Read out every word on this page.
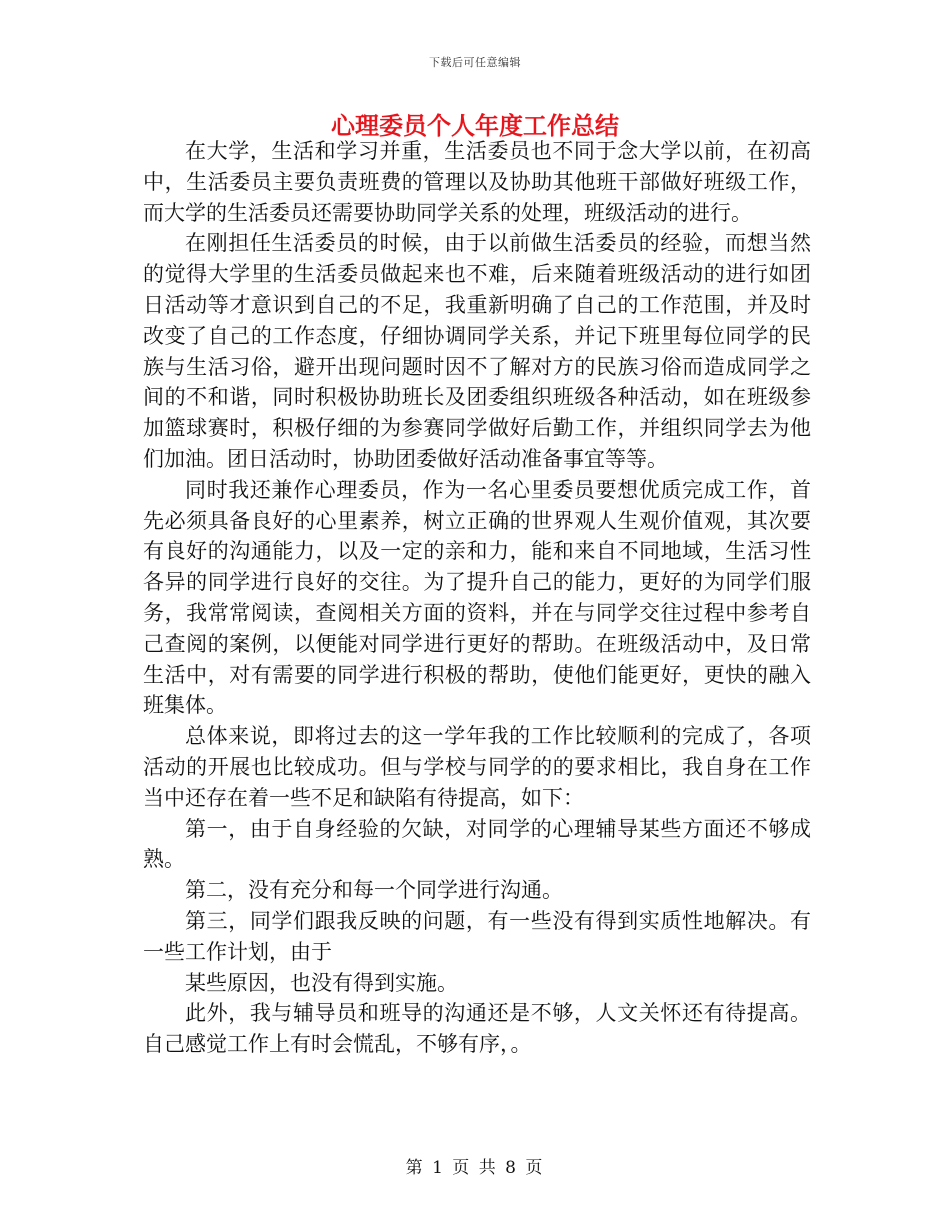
下载后可任意编辑
心理委员个人年度工作总结

在大学，生活和学习并重，生活委员也不同于念大学以前，在初高中，生活委员主要负责班费的管理以及协助其他班干部做好班级工作，而大学的生活委员还需要协助同学关系的处理，班级活动的进行。

在刚担任生活委员的时候，由于以前做生活委员的经验，而想当然的觉得大学里的生活委员做起来也不难，后来随着班级活动的进行如团日活动等才意识到自己的不足，我重新明确了自己的工作范围，并及时改变了自己的工作态度，仔细协调同学关系，并记下班里每位同学的民族与生活习俗，避开出现问题时因不了解对方的民族习俗而造成同学之间的不和谐，同时积极协助班长及团委组织班级各种活动，如在班级参加篮球赛时，积极仔细的为参赛同学做好后勤工作，并组织同学去为他们加油。团日活动时，协助团委做好活动准备事宜等等。

同时我还兼作心理委员，作为一名心里委员要想优质完成工作，首先必须具备良好的心里素养，树立正确的世界观人生观价值观，其次要有良好的沟通能力，以及一定的亲和力，能和来自不同地域，生活习性各异的同学进行良好的交往。为了提升自己的能力，更好的为同学们服务，我常常阅读，查阅相关方面的资料，并在与同学交往过程中参考自己查阅的案例，以便能对同学进行更好的帮助。在班级活动中，及日常生活中，对有需要的同学进行积极的帮助，使他们能更好，更快的融入班集体。

总体来说，即将过去的这一学年我的工作比较顺利的完成了，各项活动的开展也比较成功。但与学校与同学的的要求相比，我自身在工作当中还存在着一些不足和缺陷有待提高，如下：

第一，由于自身经验的欠缺，对同学的心理辅导某些方面还不够成熟。

第二，没有充分和每一个同学进行沟通。

第三，同学们跟我反映的问题，有一些没有得到实质性地解决。有一些工作计划，由于

某些原因，也没有得到实施。

此外，我与辅导员和班导的沟通还是不够，人文关怀还有待提高。自己感觉工作上有时会慌乱，不够有序，。

第 1 页 共 8 页
